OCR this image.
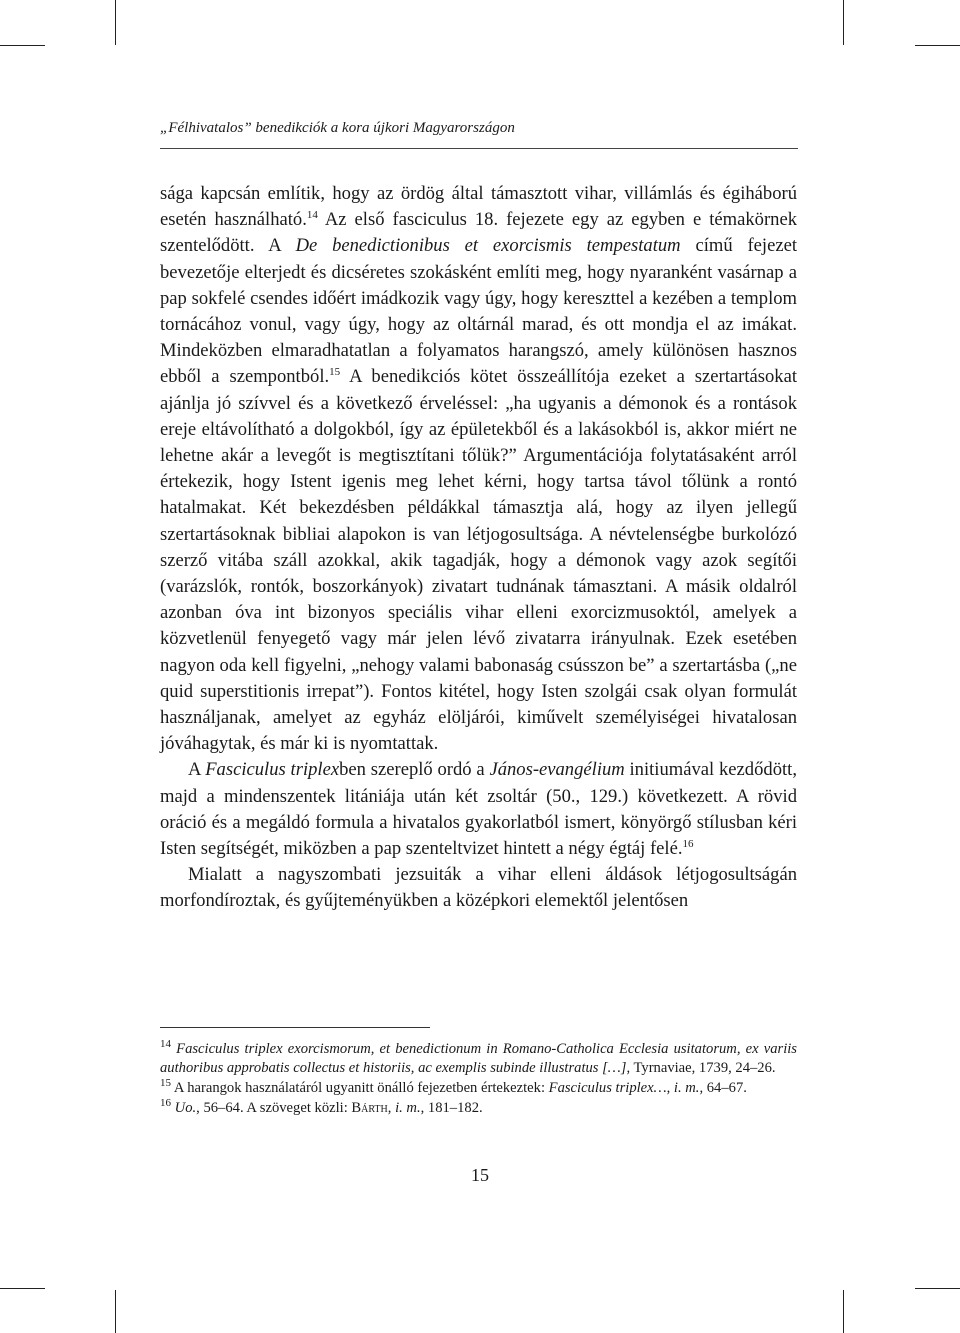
„Félhivatalos” benedikciók a kora újkori Magyarországon

sága kapcsán említik, hogy az ördög által támasztott vihar, villámlás és égiháború esetén használható.$^{14}$ Az első fasciculus 18. fejezete egy az egyben e témakörnek szentelődött. A De benedictionibus et exorcismis tempestatum című fejezet bevezetője elterjedt és dicséretes szokásként említi meg, hogy nyaranként vasárnap a pap sokfelé csendes időért imádkozik vagy úgy, hogy kereszttel a kezében a templom tornácához vonul, vagy úgy, hogy az oltárnál marad, és ott mondja el az imákat. Mindeközben elmaradhatatlan a folyamatos harangszó, amely különösen hasznos ebből a szempontból.$^{15}$ A benedikciós kötet összeállítója ezeket a szertartásokat ajánlja jó szívvel és a következő érveléssel: „ha ugyanis a démonok és a rontások ereje eltávolítható a dolgokból, így az épületekből és a lakásokból is, akkor miért ne lehetne akár a levegőt is megtisztítani tőlük?” Argumentációja folytatásaként arról értekezik, hogy Istent igenis meg lehet kérni, hogy tartsa távol tőlünk a rontó hatalmakat. Két bekezdésben példákkal támasztja alá, hogy az ilyen jellegű szertartásoknak bibliai alapokon is van létjogosultsága. A névtelenségbe burkolózó szerző vitába száll azokkal, akik tagadják, hogy a démonok vagy azok segítői (varázslók, rontók, boszorkányok) zivatart tudnának támasztani. A másik oldalról azonban óva int bizonyos speciális vihar elleni exorcizmusoktól, amelyek a közvetlenül fenyegető vagy már jelen lévő zivatarra irányulnak. Ezek esetében nagyon oda kell figyelni, „nehogy valami babonaság csússzon be” a szertartásba („ne quid superstitionis irrepat”). Fontos kitétel, hogy Isten szolgái csak olyan formulát használjanak, amelyet az egyház elöljárói, kiművelt személyiségei hivatalosan jóváhagytak, és már ki is nyomtattak.

A Fasciculus triplexben szereplő ordó a János-evangélium initiumával kezdődött, majd a mindenszentek litániája után két zsoltár (50., 129.) következett. A rövid oráció és a megáldó formula a hivatalos gyakorlatból ismert, könyörgő stílusban kéri Isten segítségét, miközben a pap szenteltvizet hintett a négy égtáj felé.$^{16}$

Mialatt a nagyszombati jezsuiták a vihar elleni áldások létjogosultságán morfondíroztak, és gyűjteményükben a középkori elemektől jelentősen

$^{14}$ Fasciculus triplex exorcismorum, et benedictionum in Romano-Catholica Ecclesia usitatorum, ex variis authoribus approbatis collectus et historiis, ac exemplis subinde illustratus […], Tyrnaviae, 1739, 24–26.

$^{15}$ A harangok használatáról ugyanitt önálló fejezetben értekeztek: Fasciculus triplex…, i. m., 64–67.

$^{16}$ Uo., 56–64. A szöveget közli: Bárth, i. m., 181–182.

15
